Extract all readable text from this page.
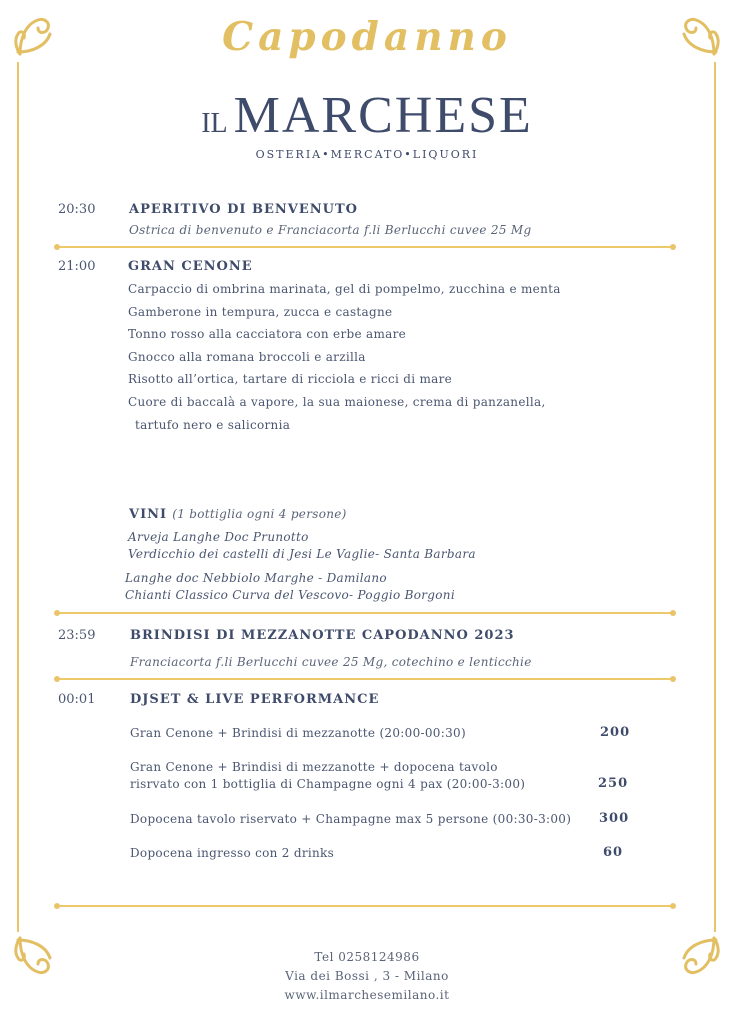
Capodanno
IL MARCHESE
OSTERIA•MERCATO•LIQUORI
20:30	APERITIVO DI BENVENUTO
Ostrica di benvenuto e Franciacorta f.li Berlucchi cuvee 25 Mg
21:00	GRAN CENONE
Carpaccio di ombrina marinata, gel di pompelmo, zucchina e menta
Gamberone in tempura, zucca e castagne
Tonno rosso alla cacciatora con erbe amare
Gnocco alla romana broccoli e arzilla
Risotto all’ortica, tartare di ricciola e ricci di mare
Cuore di baccalà a vapore, la sua maionese, crema di panzanella,
tartufo nero e salicornia
VINI (1 bottiglia ogni 4 persone)
Arveja Langhe Doc Prunotto
Verdicchio dei castelli di Jesi Le Vaglie- Santa Barbara
Langhe doc Nebbiolo Marghe - Damilano
Chianti Classico Curva del Vescovo- Poggio Borgoni
23:59	BRINDISI DI MEZZANOTTE CAPODANNO 2023
Franciacorta f.li Berlucchi cuvee 25 Mg, cotechino e lenticchie
00:01	DJSET & LIVE PERFORMANCE
Gran Cenone + Brindisi di mezzanotte (20:00-00:30)	200
Gran Cenone + Brindisi di mezzanotte + dopocena tavolo
risrvato con 1 bottiglia di Champagne ogni 4 pax (20:00-3:00)	250
Dopocena tavolo riservato + Champagne max 5 persone (00:30-3:00) 300
Dopocena ingresso con 2 drinks	60
Tel 0258124986
Via dei Bossi , 3 - Milano
www.ilmarchesemilano.it
